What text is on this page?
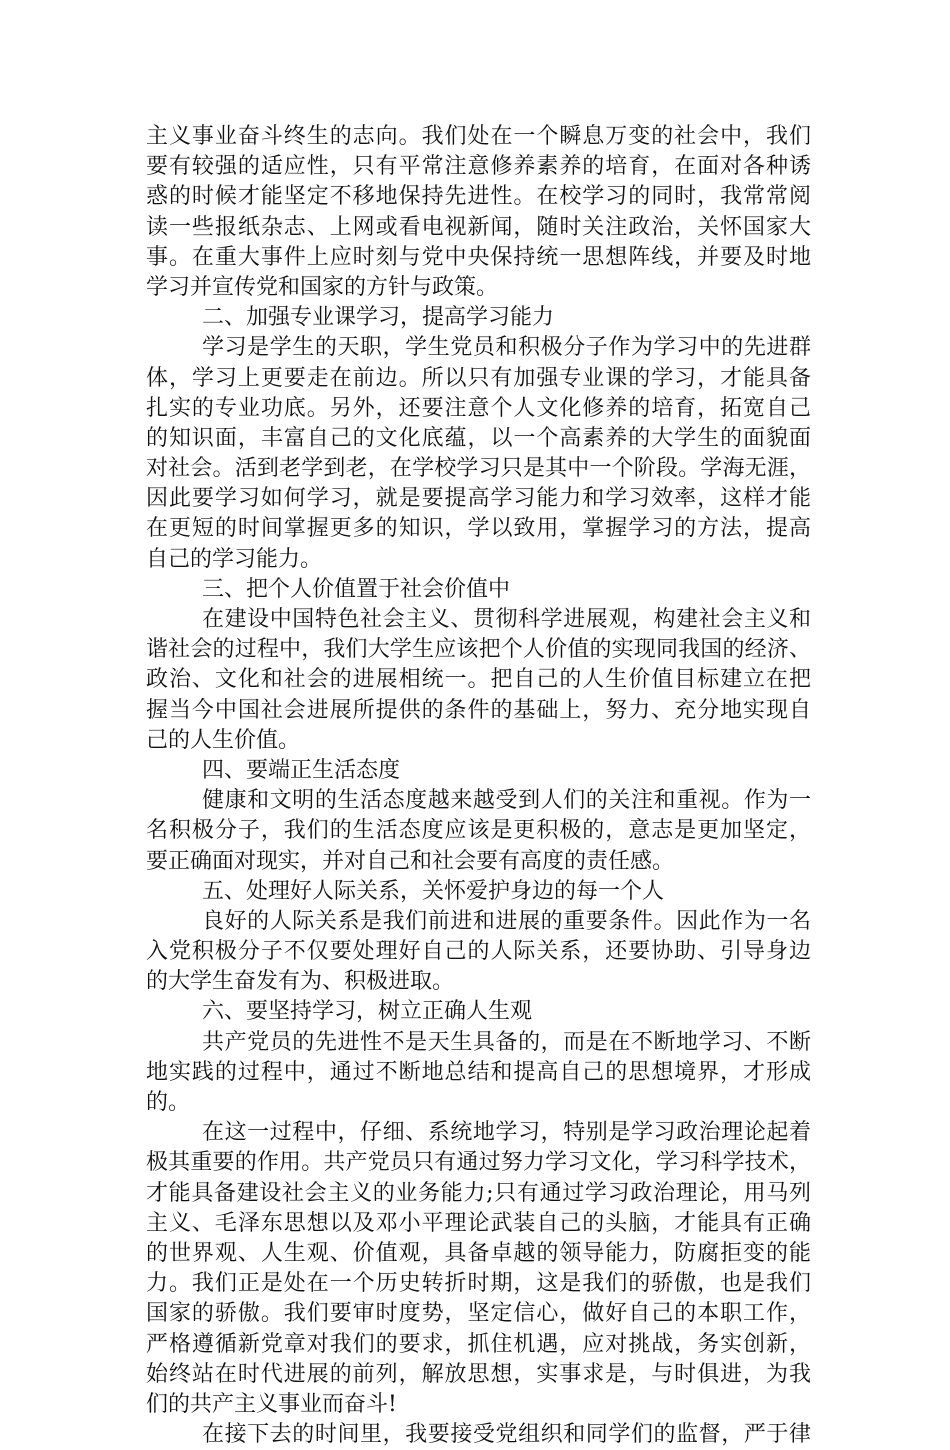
主义事业奋斗终生的志向。我们处在一个瞬息万变的社会中，我们
要有较强的适应性，只有平常注意修养素养的培育，在面对各种诱
惑的时候才能坚定不移地保持先进性。在校学习的同时，我常常阅
读一些报纸杂志、上网或看电视新闻，随时关注政治，关怀国家大
事。在重大事件上应时刻与党中央保持统一思想阵线，并要及时地
学习并宣传党和国家的方针与政策。
二、加强专业课学习，提高学习能力
学习是学生的天职，学生党员和积极分子作为学习中的先进群
体，学习上更要走在前边。所以只有加强专业课的学习，才能具备
扎实的专业功底。另外，还要注意个人文化修养的培育，拓宽自己
的知识面，丰富自己的文化底蕴，以一个高素养的大学生的面貌面
对社会。活到老学到老，在学校学习只是其中一个阶段。学海无涯，
因此要学习如何学习，就是要提高学习能力和学习效率，这样才能
在更短的时间掌握更多的知识，学以致用，掌握学习的方法，提高
自己的学习能力。
三、把个人价值置于社会价值中
在建设中国特色社会主义、贯彻科学进展观，构建社会主义和
谐社会的过程中，我们大学生应该把个人价值的实现同我国的经济、
政治、文化和社会的进展相统一。把自己的人生价值目标建立在把
握当今中国社会进展所提供的条件的基础上，努力、充分地实现自
己的人生价值。
四、要端正生活态度
健康和文明的生活态度越来越受到人们的关注和重视。作为一
名积极分子，我们的生活态度应该是更积极的，意志是更加坚定，
要正确面对现实，并对自己和社会要有高度的责任感。
五、处理好人际关系，关怀爱护身边的每一个人
良好的人际关系是我们前进和进展的重要条件。因此作为一名
入党积极分子不仅要处理好自己的人际关系，还要协助、引导身边
的大学生奋发有为、积极进取。
六、要坚持学习，树立正确人生观
共产党员的先进性不是天生具备的，而是在不断地学习、不断
地实践的过程中，通过不断地总结和提高自己的思想境界，才形成
的。
在这一过程中，仔细、系统地学习，特别是学习政治理论起着
极其重要的作用。共产党员只有通过努力学习文化，学习科学技术，
才能具备建设社会主义的业务能力;只有通过学习政治理论，用马列
主义、毛泽东思想以及邓小平理论武装自己的头脑，才能具有正确
的世界观、人生观、价值观，具备卓越的领导能力，防腐拒变的能
力。我们正是处在一个历史转折时期，这是我们的骄傲，也是我们
国家的骄傲。我们要审时度势，坚定信心，做好自己的本职工作，
严格遵循新党章对我们的要求，抓住机遇，应对挑战，务实创新，
始终站在时代进展的前列，解放思想，实事求是，与时俱进，为我
们的共产主义事业而奋斗!
在接下去的时间里，我要接受党组织和同学们的监督，严于律
